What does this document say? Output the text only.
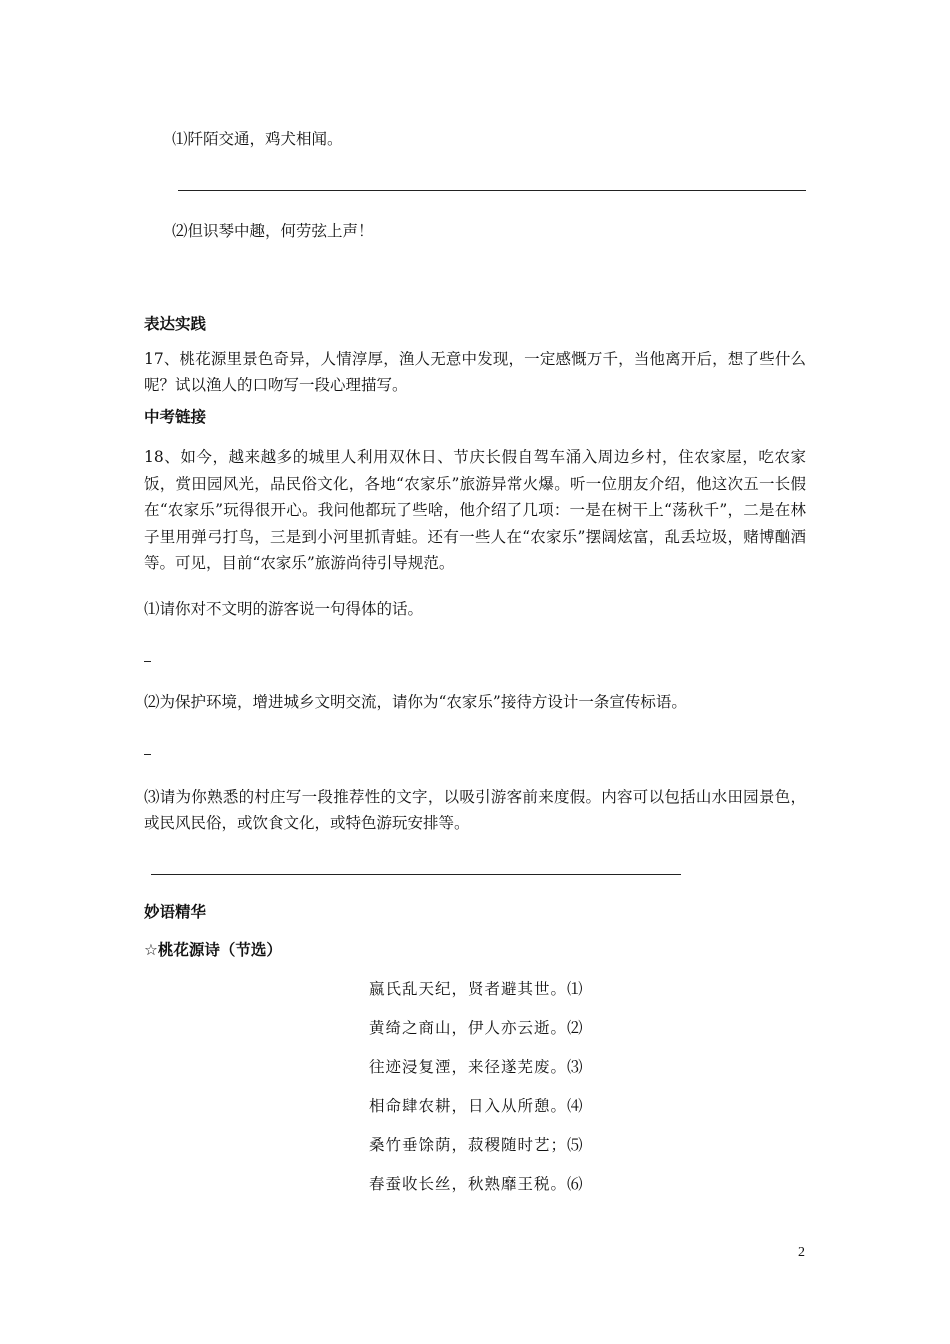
⑴阡陌交通，鸡犬相闻。
⑵但识琴中趣，何劳弦上声！
表达实践
17、桃花源里景色奇异，人情淳厚，渔人无意中发现，一定感慨万千，当他离开后，想了些什么呢？试以渔人的口吻写一段心理描写。
中考链接
18、如今，越来越多的城里人利用双休日、节庆长假自驾车涌入周边乡村，住农家屋，吃农家饭，赏田园风光，品民俗文化，各地“农家乐”旅游异常火爆。听一位朋友介绍，他这次五一长假在“农家乐”玩得很开心。我问他都玩了些啥，他介绍了几项：一是在树干上“荡秋千”，二是在林子里用弹弓打鸟，三是到小河里抓青蛙。还有一些人在“农家乐”摆阔炫富，乱丢垃圾，赌博酗酒等。可见，目前“农家乐”旅游尚待引导规范。
⑴请你对不文明的游客说一句得体的话。
⑵为保护环境，增进城乡文明交流，请你为“农家乐”接待方设计一条宣传标语。
⑶请为你熟悉的村庄写一段推荐性的文字，以吸引游客前来度假。内容可以包括山水田园景色，或民风民俗，或饮食文化，或特色游玩安排等。
妙语精华
☆桃花源诗（节选）
嬴氏乱天纪，贤者避其世。⑴
黄绮之商山，伊人亦云逝。⑵
往迹浸复湮，来径遂芜废。⑶
相命肆农耕，日入从所憩。⑷
桑竹垂馀荫，菽稷随时艺；⑸
春蚕收长丝，秋熟靡王税。⑹
2
